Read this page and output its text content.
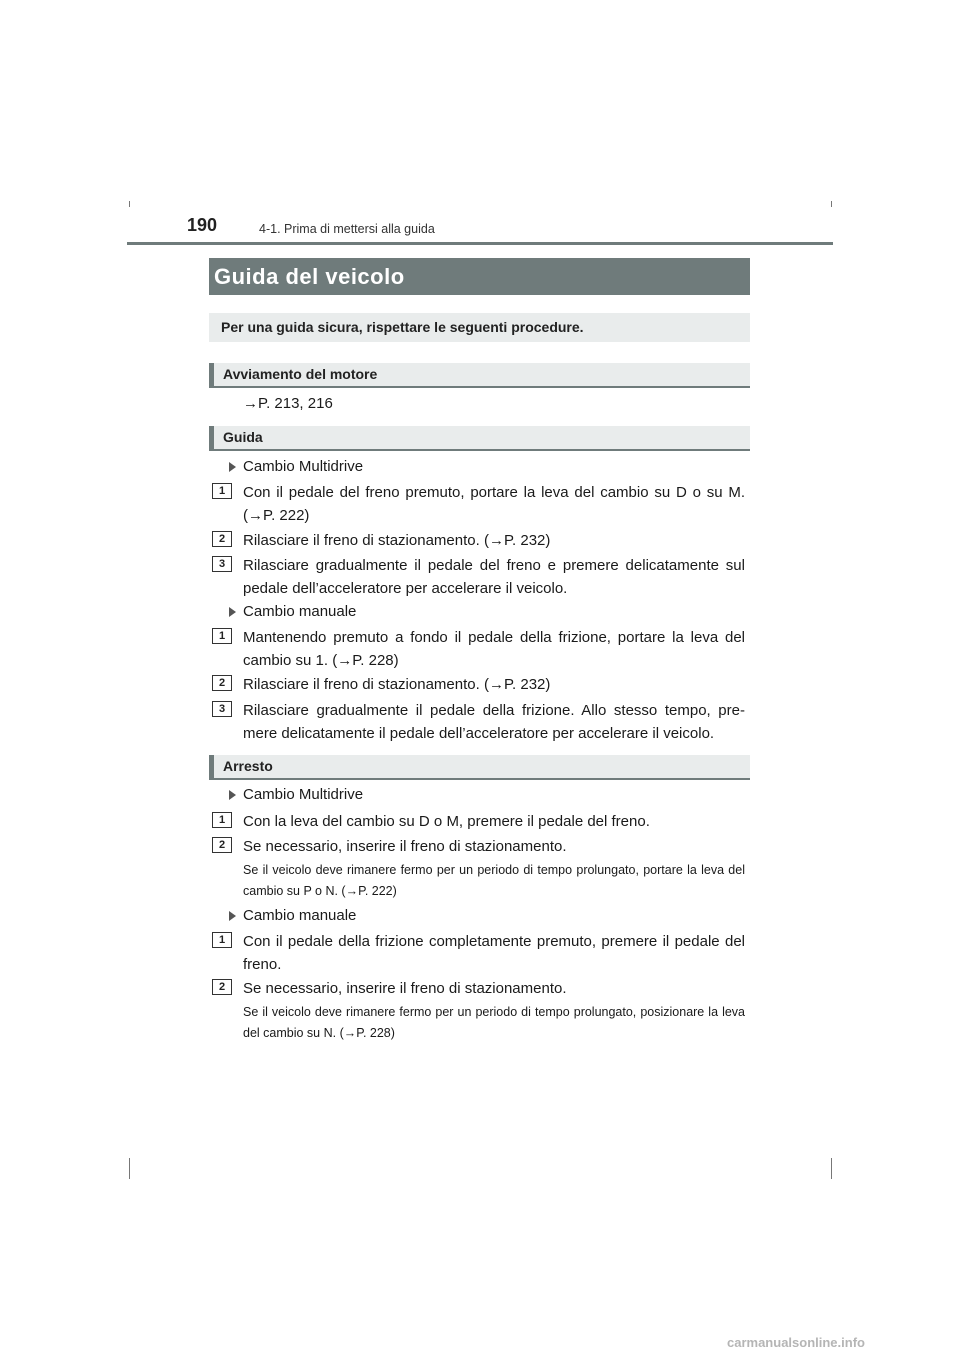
190	4-1. Prima di mettersi alla guida
Guida del veicolo
Per una guida sicura, rispettare le seguenti procedure.
Avviamento del motore
→P. 213, 216
Guida
Cambio Multidrive
1	Con il pedale del freno premuto, portare la leva del cambio su D o su M. (→P. 222)
2	Rilasciare il freno di stazionamento. (→P. 232)
3	Rilasciare gradualmente il pedale del freno e premere delicatamente sul pedale dell’acceleratore per accelerare il veicolo.
Cambio manuale
1	Mantenendo premuto a fondo il pedale della frizione, portare la leva del cambio su 1. (→P. 228)
2	Rilasciare il freno di stazionamento. (→P. 232)
3	Rilasciare gradualmente il pedale della frizione. Allo stesso tempo, pre-mere delicatamente il pedale dell’acceleratore per accelerare il veicolo.
Arresto
Cambio Multidrive
1	Con la leva del cambio su D o M, premere il pedale del freno.
2	Se necessario, inserire il freno di stazionamento.
Se il veicolo deve rimanere fermo per un periodo di tempo prolungato, portare la leva del cambio su P o N. (→P. 222)
Cambio manuale
1	Con il pedale della frizione completamente premuto, premere il pedale del freno.
2	Se necessario, inserire il freno di stazionamento.
Se il veicolo deve rimanere fermo per un periodo di tempo prolungato, posizionare la leva del cambio su N. (→P. 228)
carmanualsonline.info
